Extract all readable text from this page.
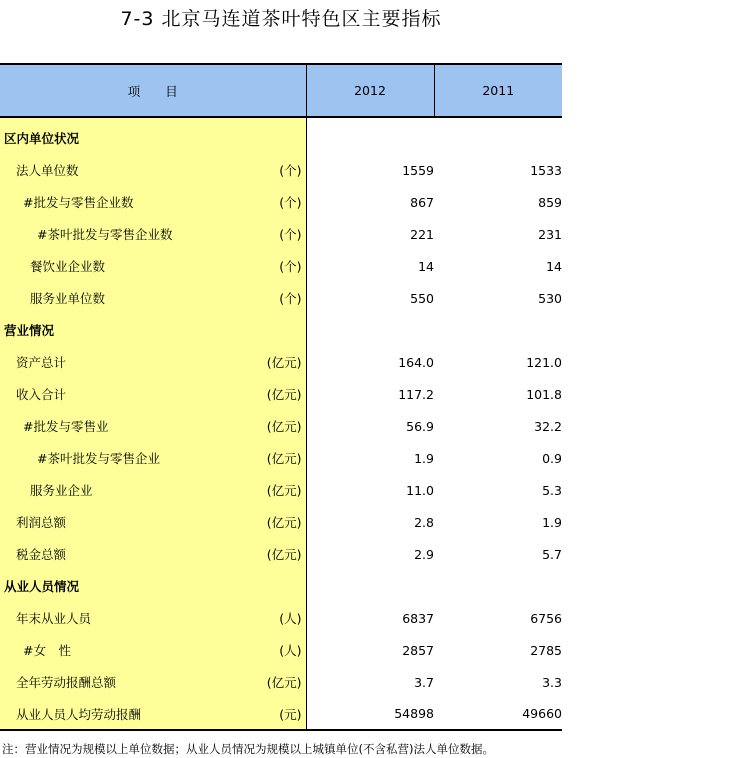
7-3 北京马连道茶叶特色区主要指标
项　　目	2012	2011

区内单位状况		

法人单位数 (个)	1559	1533

#批发与零售企业数 (个)	867	859

#茶叶批发与零售企业数 (个)	221	231

餐饮业企业数 (个)	14	14

服务业单位数 (个)	550	530

营业情况		

资产总计 (亿元)	164.0	121.0

收入合计 (亿元)	117.2	101.8

#批发与零售业 (亿元)	56.9	32.2

#茶叶批发与零售企业 (亿元)	1.9	0.9

服务业企业 (亿元)	11.0	5.3

利润总额 (亿元)	2.8	1.9

税金总额 (亿元)	2.9	5.7

从业人员情况		

年末从业人员 (人)	6837	6756

#女　性 (人)	2857	2785

全年劳动报酬总额 (亿元)	3.7	3.3

从业人员人均劳动报酬 (元)	54898	49660
注：营业情况为规模以上单位数据；从业人员情况为规模以上城镇单位(不含私营)法人单位数据。
